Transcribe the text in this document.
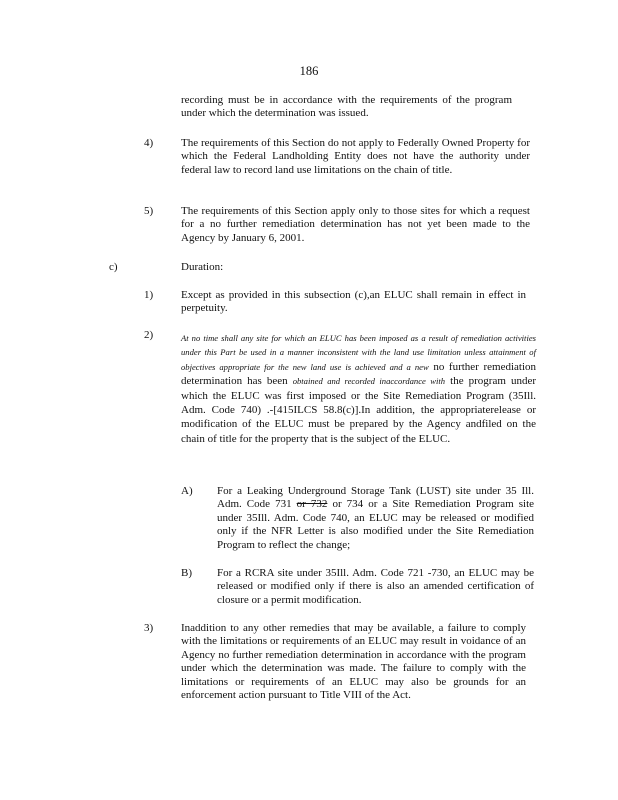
186

recording must be in accordance with the requirements of the program under which the determination was issued.

4)	The requirements of this Section do not apply to Federally Owned Property for which the Federal Landholding Entity does not have the authority under federal law to record land use limitations on the chain of title.

5)	The requirements of this Section apply only to those sites for which a request for a no further remediation determination has not yet been made to the Agency by January 6, 2001.

c)	Duration:
1)	Except as provided in this subsection (c),an ELUC shall remain in effect in perpetuity.

2)	At no time shall any site for which an ELUC has been imposed as a result of remediation activities under this Part be used in a manner inconsistent with the land use limitation unless attainment of objectives appropriate for the new land use is achieved and a new no further remediation determination has been obtained and recorded inaccordance with the program under which the ELUC was first imposed or the Site Remediation Program (35Ill. Adm. Code 740) .-[415ILCS 58.8(c)].In addition, the appropriaterelease or modification of the ELUC must be prepared by the Agency andfiled on the chain of title for the property that is the subject of the ELUC.

A) For a Leaking Underground Storage Tank (LUST) site under 35 Ill. Adm. Code 731 or 732 or 734 or a Site Remediation Program site under 35Ill. Adm. Code 740, an ELUC may be released or modified only if the NFR Letter is also modified under the Site Remediation Program to reflect the change;

B) For a RCRA site under 35Ill. Adm. Code 721 -730, an ELUC may be released or modified only if there is also an amended certification of closure or a permit modification.

3)	Inaddition to any other remedies that may be available, a failure to comply with the limitations or requirements of an ELUC may result in voidance of an Agency no further remediation determination in accordance with the program under which the determination was made. The failure to comply with the limitations or requirements of an ELUC may also be grounds for an enforcement action pursuant to Title VIII of the Act.
